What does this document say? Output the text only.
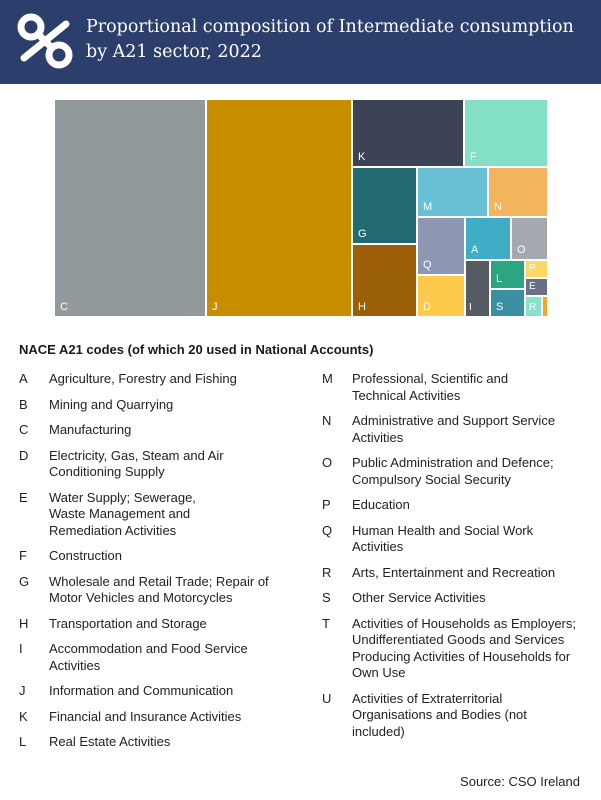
Proportional composition of Intermediate consumption by A21 sector, 2022
C	J
K	F
G
M	N
H
Q
A	O
D	I
L
S
P
E
R
NACE A21 codes (of which 20 used in National Accounts)
A Agriculture, Forestry and Fishing
B Mining and Quarrying
C Manufacturing
D Electricity, Gas, Steam and Air Conditioning Supply
E Water Supply; Sewerage, Waste Management and Remediation Activities
F Construction
G Wholesale and Retail Trade; Repair of Motor Vehicles and Motorcycles
H Transportation and Storage
I Accommodation and Food Service Activities
J Information and Communication
K Financial and Insurance Activities
L Real Estate Activities
M Professional, Scientific and Technical Activities
N Administrative and Support Service Activities
O Public Administration and Defence; Compulsory Social Security
P Education
Q Human Health and Social Work Activities
R Arts, Entertainment and Recreation
S Other Service Activities
T Activities of Households as Employers; Undifferentiated Goods and Services Producing Activities of Households for Own Use
U Activities of Extraterritorial Organisations and Bodies (not included)
Source: CSO Ireland
